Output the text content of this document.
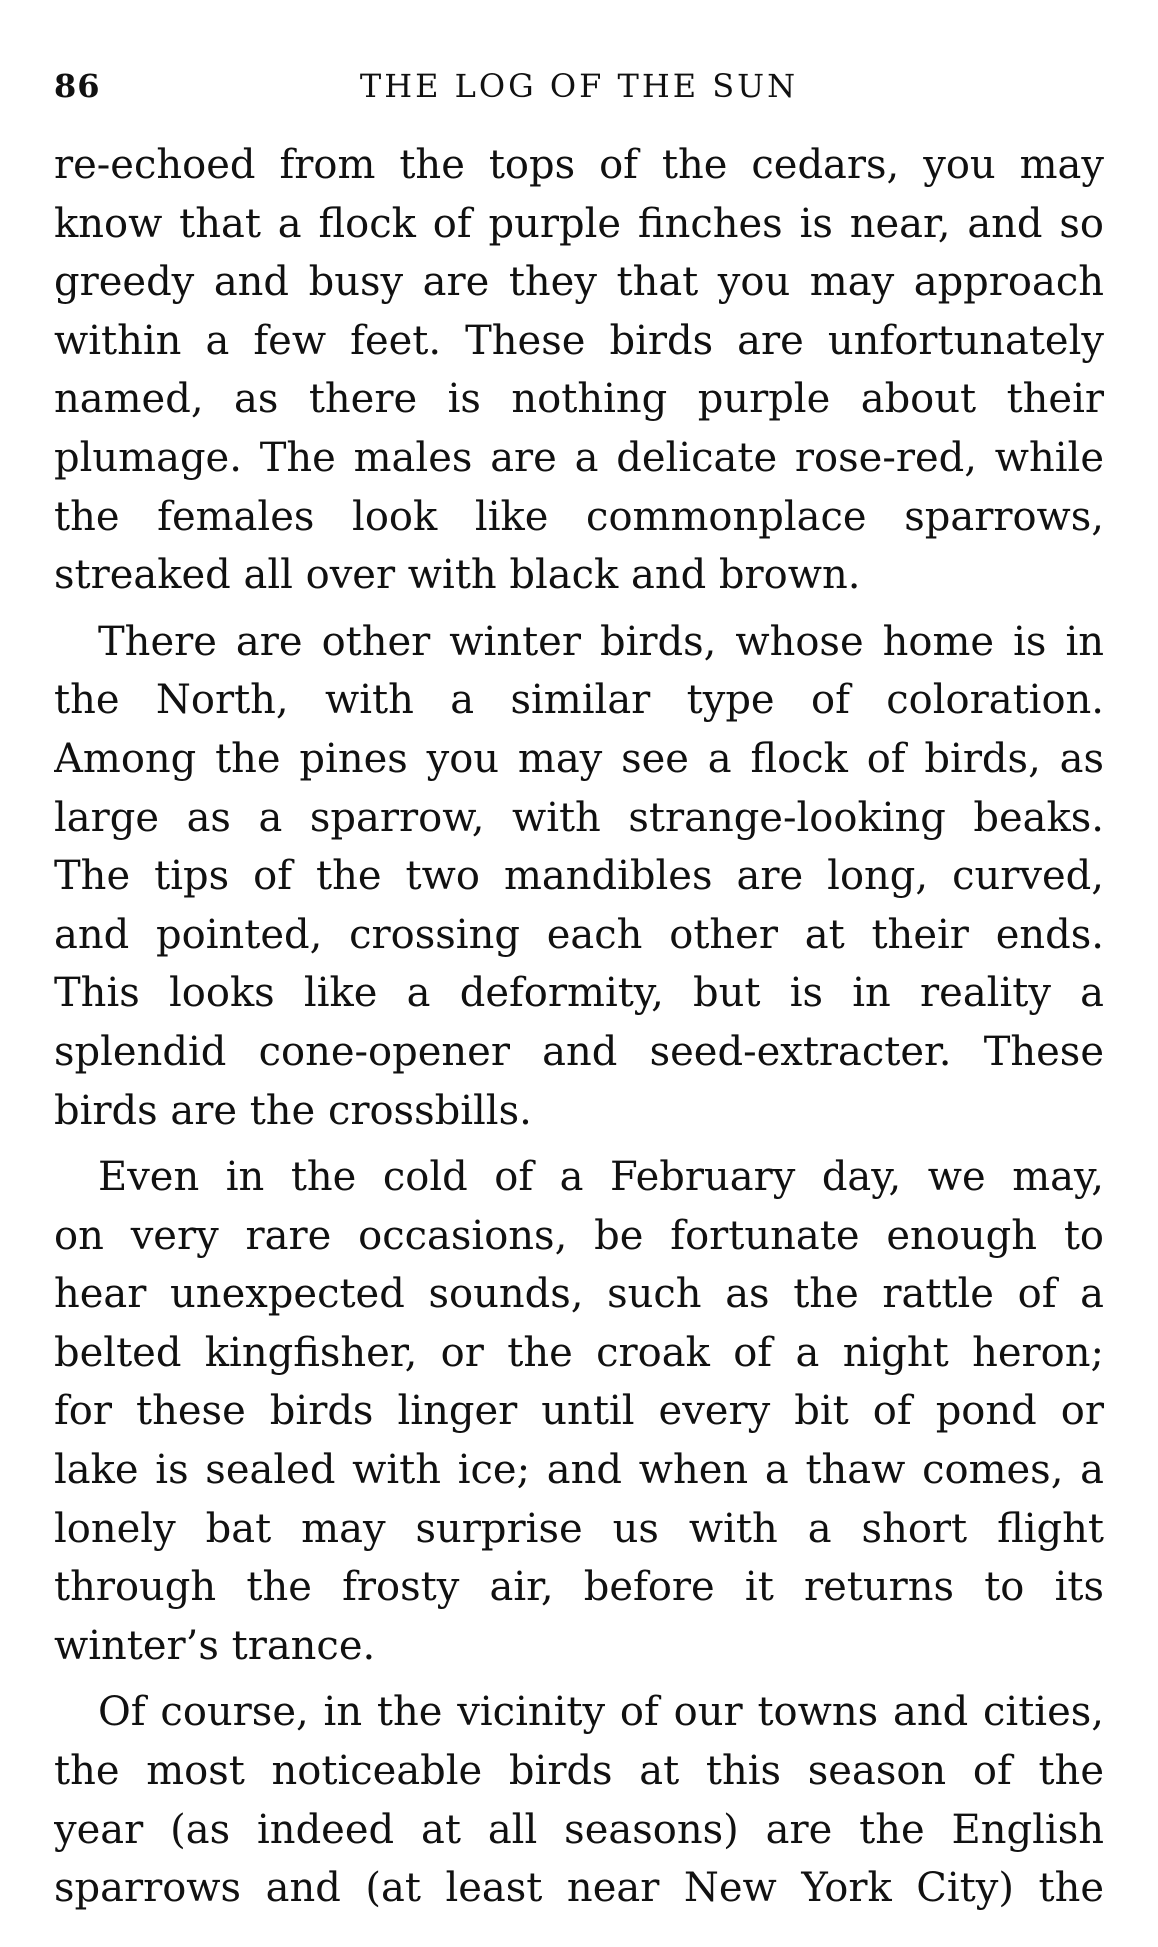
86	THE LOG OF THE SUN

re-echoed from the tops of the cedars, you may
know that a flock of purple finches is near, and so
greedy and busy are they that you may approach
within a few feet. These birds are unfortunately
named, as there is nothing purple about their
plumage. The males are a delicate rose-red, while
the females look like commonplace sparrows,
streaked all over with black and brown.

There are other winter birds, whose home is in
the North, with a similar type of coloration.
Among the pines you may see a flock of birds, as
large as a sparrow, with strange-looking beaks.
The tips of the two mandibles are long, curved,
and pointed, crossing each other at their ends.
This looks like a deformity, but is in reality a
splendid cone-opener and seed-extracter. These
birds are the crossbills.

Even in the cold of a February day, we may,
on very rare occasions, be fortunate enough to
hear unexpected sounds, such as the rattle of a
belted kingfisher, or the croak of a night heron;
for these birds linger until every bit of pond or
lake is sealed with ice; and when a thaw comes, a
lonely bat may surprise us with a short flight
through the frosty air, before it returns to its
winter’s trance.

Of course, in the vicinity of our towns and cities,
the most noticeable birds at this season of the
year (as indeed at all seasons) are the English
sparrows and (at least near New York City) the
